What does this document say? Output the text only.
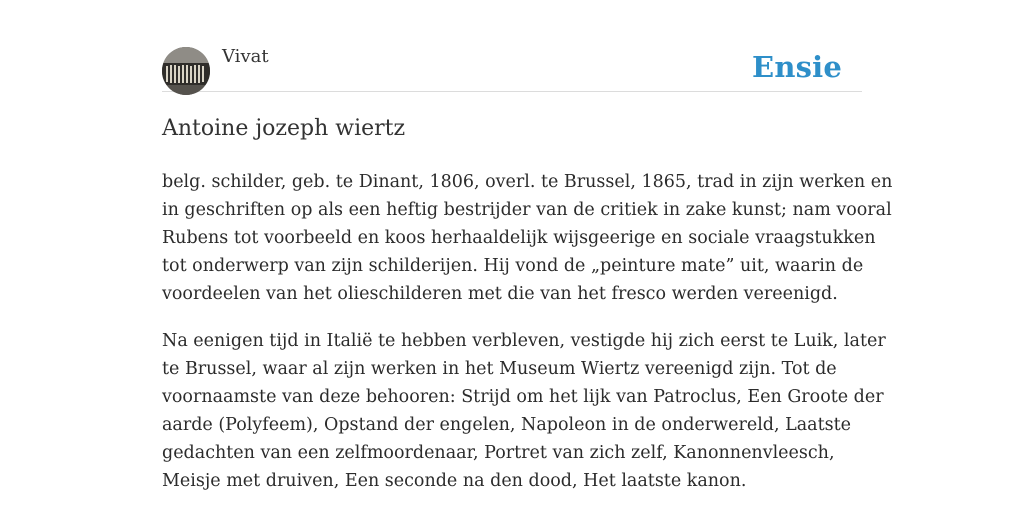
Vivat	Ensie
Antoine jozeph wiertz

belg. schilder, geb. te Dinant, 1806, overl. te Brussel, 1865, trad in zijn werken en
in geschriften op als een heftig bestrijder van de critiek in zake kunst; nam vooral
Rubens tot voorbeeld en koos herhaaldelijk wijsgeerige en sociale vraagstukken
tot onderwerp van zijn schilderijen. Hij vond de „peinture mate” uit, waarin de
voordeelen van het olieschilderen met die van het fresco werden vereenigd.

Na eenigen tijd in Italië te hebben verbleven, vestigde hij zich eerst te Luik, later
te Brussel, waar al zijn werken in het Museum Wiertz vereenigd zijn. Tot de
voornaamste van deze behooren: Strijd om het lijk van Patroclus, Een Groote der
aarde (Polyfeem), Opstand der engelen, Napoleon in de onderwereld, Laatste
gedachten van een zelfmoordenaar, Portret van zich zelf, Kanonnenvleesch,
Meisje met druiven, Een seconde na den dood, Het laatste kanon.
